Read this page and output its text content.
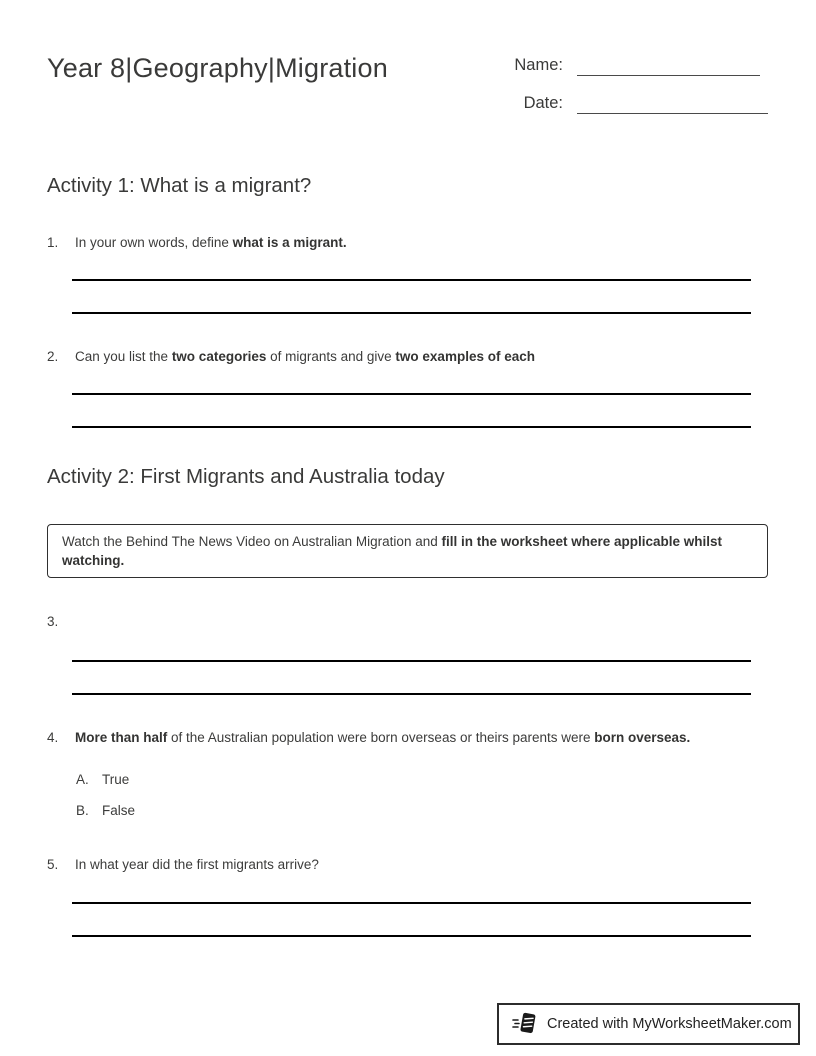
Year 8|Geography|Migration	Name:
Date:
Activity 1: What is a migrant?
1.	In your own words, define what is a migrant.

2.	Can you list the two categories of migrants and give two examples of each

Activity 2: First Migrants and Australia today

Watch the Behind The News Video on Australian Migration and fill in the worksheet where applicable whilst watching.

3.

4.	More than half of the Australian population were born overseas or theirs parents were born overseas.

A. True
B. False
5.	In what year did the first migrants arrive?

Created with MyWorksheetMaker.com
